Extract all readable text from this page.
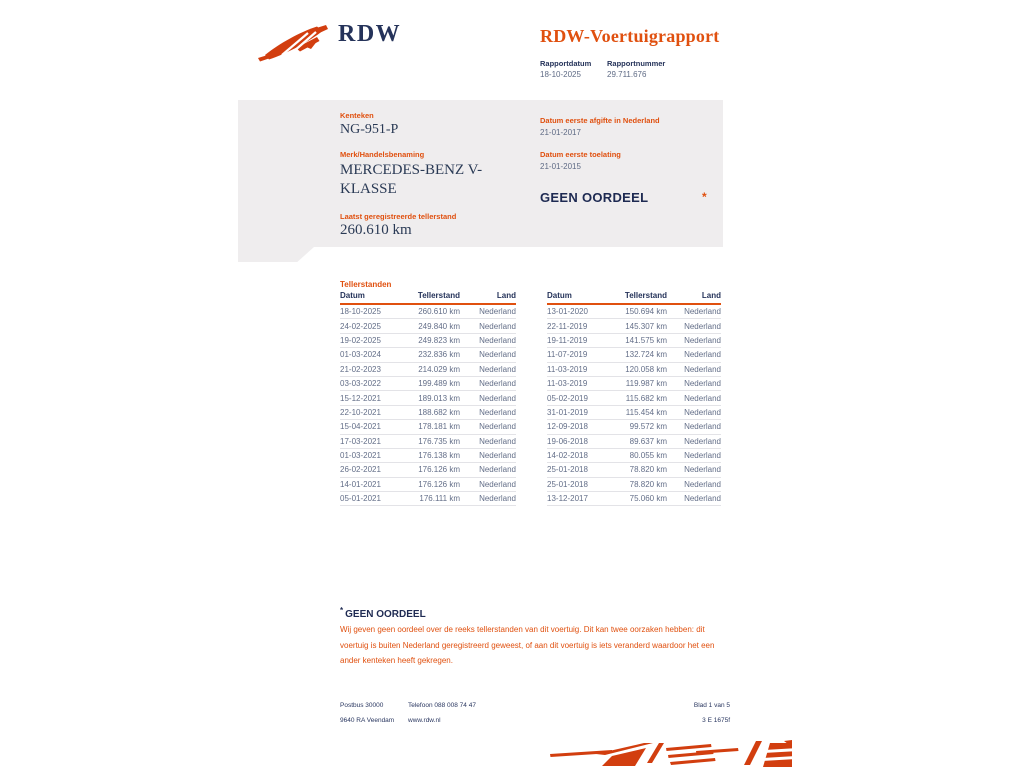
RDW	RDW-Voertuigrapport
Rapportdatum Rapportnummer
18-10-2025	29.711.676
Kenteken
NG-951-P
Merk/Handelsbenaming
MERCEDES-BENZ V-KLASSE
Laatst geregistreerde tellerstand
260.610 km
Datum eerste afgifte in Nederland
21-01-2017
Datum eerste toelating
21-01-2015
GEEN OORDEEL	*
Tellerstanden
Datum	Tellerstand	Land
18-10-2025	260.610 km	Nederland
24-02-2025	249.840 km	Nederland
19-02-2025	249.823 km	Nederland
01-03-2024	232.836 km	Nederland
21-02-2023	214.029 km	Nederland
03-03-2022	199.489 km	Nederland
15-12-2021	189.013 km	Nederland
22-10-2021	188.682 km	Nederland
15-04-2021	178.181 km	Nederland
17-03-2021	176.735 km	Nederland
01-03-2021	176.138 km	Nederland
26-02-2021	176.126 km	Nederland
14-01-2021	176.126 km	Nederland
05-01-2021	176.111 km	Nederland
Datum	Tellerstand	Land
13-01-2020	150.694 km	Nederland
22-11-2019	145.307 km	Nederland
19-11-2019	141.575 km	Nederland
11-07-2019	132.724 km	Nederland
11-03-2019	120.058 km	Nederland
11-03-2019	119.987 km	Nederland
05-02-2019	115.682 km	Nederland
31-01-2019	115.454 km	Nederland
12-09-2018	99.572 km	Nederland
19-06-2018	89.637 km	Nederland
14-02-2018	80.055 km	Nederland
25-01-2018	78.820 km	Nederland
25-01-2018	78.820 km	Nederland
13-12-2017	75.060 km	Nederland
* GEEN OORDEEL
Wij geven geen oordeel over de reeks tellerstanden van dit voertuig. Dit kan twee oorzaken hebben: dit voertuig is buiten Nederland geregistreerd geweest, of aan dit voertuig is iets veranderd waardoor het een ander kenteken heeft gekregen.
Postbus 30000
9640 RA Veendam
Telefoon 088 008 74 47
www.rdw.nl
Blad 1 van 5
3 E 1675f
